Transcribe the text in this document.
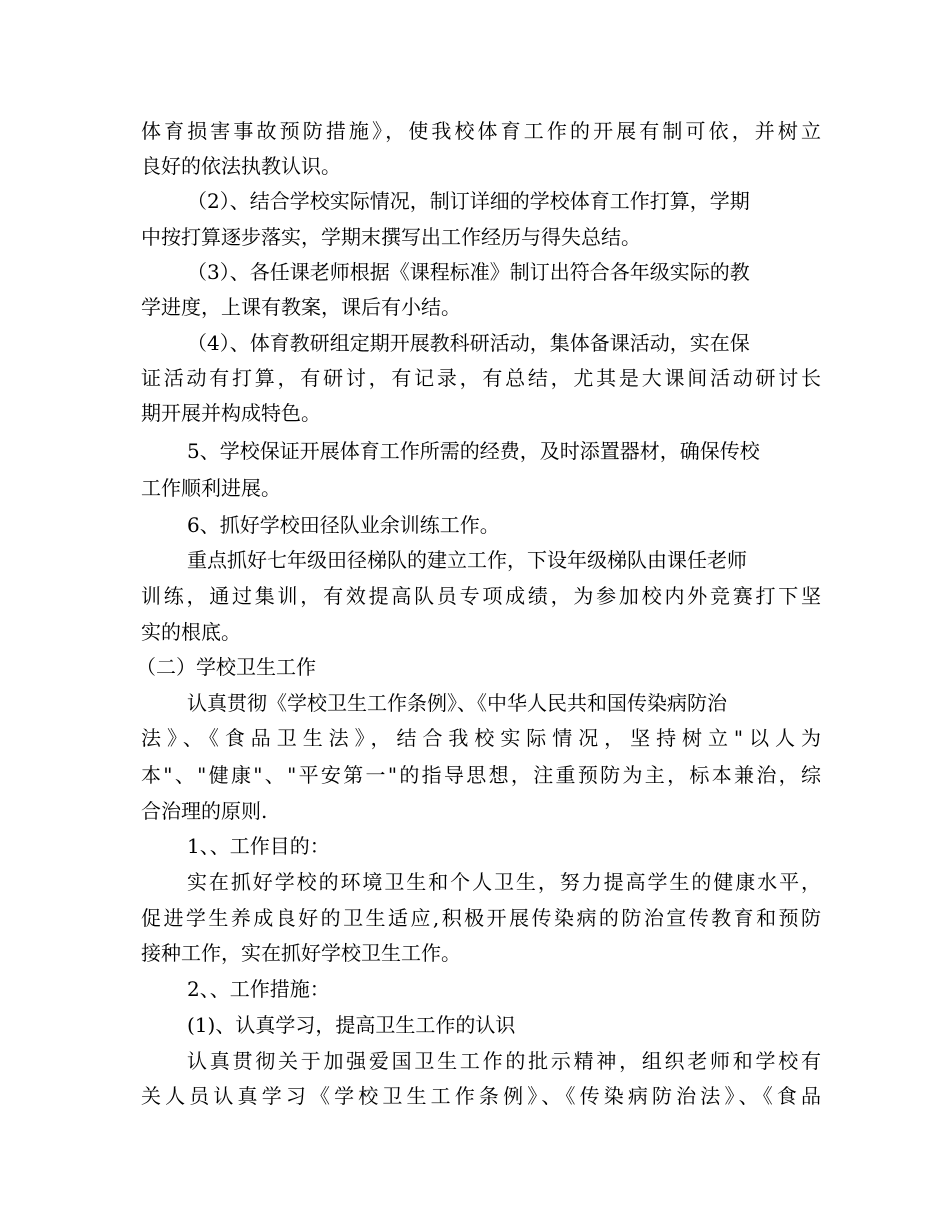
体育损害事故预防措施》，使我校体育工作的开展有制可依，并树立
良好的依法执教认识。
（2）、结合学校实际情况，制订详细的学校体育工作打算，学期
中按打算逐步落实，学期末撰写出工作经历与得失总结。
（3）、各任课老师根据《课程标准》制订出符合各年级实际的教
学进度，上课有教案，课后有小结。
（4）、体育教研组定期开展教科研活动，集体备课活动，实在保
证活动有打算，有研讨，有记录，有总结，尤其是大课间活动研讨长
期开展并构成特色。
5、学校保证开展体育工作所需的经费，及时添置器材，确保传校
工作顺利进展。
6、抓好学校田径队业余训练工作。
重点抓好七年级田径梯队的建立工作，下设年级梯队由课任老师
训练，通过集训，有效提高队员专项成绩，为参加校内外竞赛打下坚
实的根底。
（二）学校卫生工作
认真贯彻《学校卫生工作条例》、《中华人民共和国传染病防治
法》、《食品卫生法》，结合我校实际情况，坚持树立"以人为
本"、"健康"、"平安第一"的指导思想，注重预防为主，标本兼治，综
合治理的原则.
1、、工作目的：
实在抓好学校的环境卫生和个人卫生，努力提高学生的健康水平，
促进学生养成良好的卫生适应,积极开展传染病的防治宣传教育和预防
接种工作，实在抓好学校卫生工作。
2、、工作措施：
(1)、认真学习，提高卫生工作的认识
认真贯彻关于加强爱国卫生工作的批示精神，组织老师和学校有
关人员认真学习《学校卫生工作条例》、《传染病防治法》、《食品
